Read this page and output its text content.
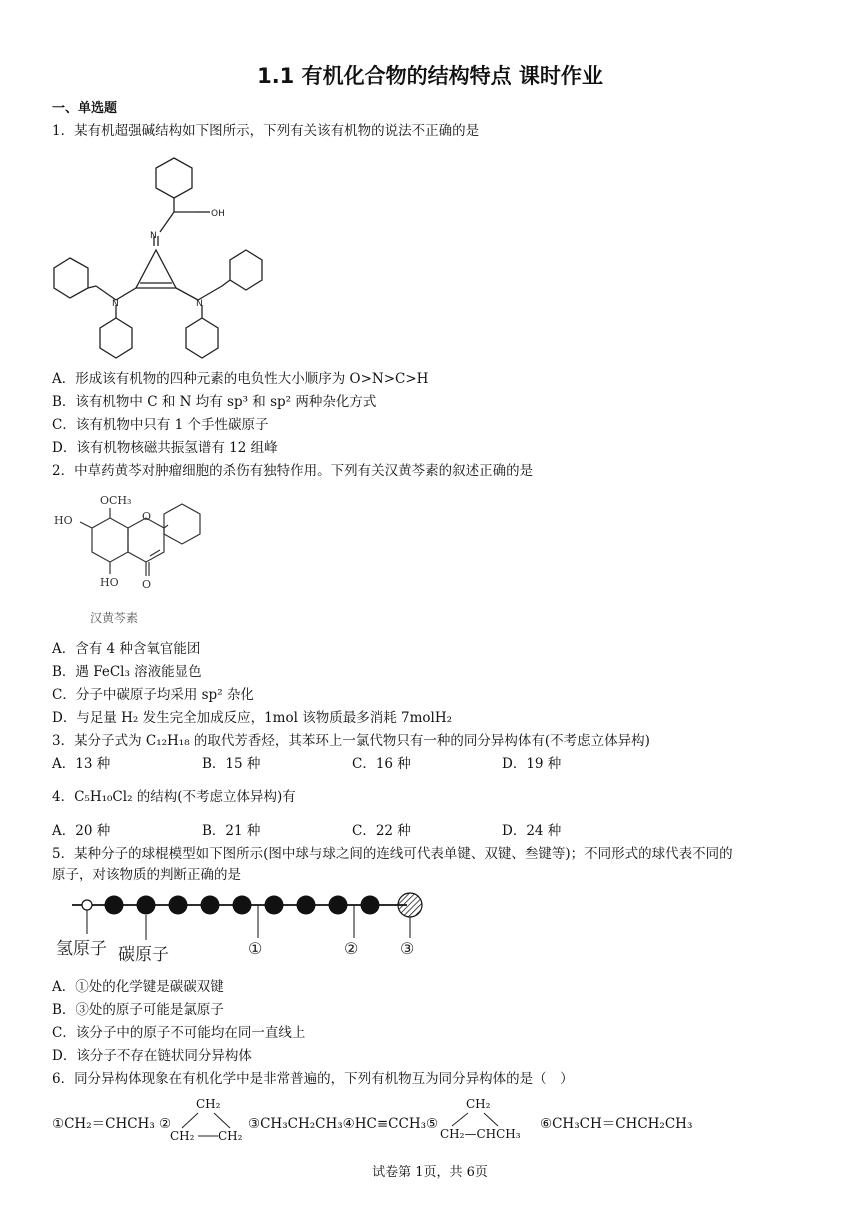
1.1 有机化合物的结构特点 课时作业
一、单选题
1．某有机超强碱结构如下图所示，下列有关该有机物的说法不正确的是
OH
N
N	N
A．形成该有机物的四种元素的电负性大小顺序为 O>N>C>H
B．该有机物中 C 和 N 均有 sp³ 和 sp² 两种杂化方式
C．该有机物中只有 1 个手性碳原子
D．该有机物核磁共振氢谱有 12 组峰
2．中草药黄芩对肿瘤细胞的杀伤有独特作用。下列有关汉黄芩素的叙述正确的是
OCH₃
HO
HO O
O
汉黄芩素
A．含有 4 种含氧官能团
B．遇 FeCl₃ 溶液能显色
C．分子中碳原子均采用 sp² 杂化
D．与足量 H₂ 发生完全加成反应，1mol 该物质最多消耗 7molH₂
3．某分子式为 C₁₂H₁₈ 的取代芳香烃，其苯环上一氯代物只有一种的同分异构体有(不考虑立体异构)
A．13 种	B．15 种	C．16 种	D．19 种
4．C₅H₁₀Cl₂ 的结构(不考虑立体异构)有
A．20 种	B．21 种	C．22 种	D．24 种
5．某种分子的球棍模型如下图所示(图中球与球之间的连线可代表单键、双键、叁键等)；不同形式的球代表不同的
原子，对该物质的判断正确的是
氢原子 碳原子	①	②	③
A．①处的化学键是碳碳双键
B．③处的原子可能是氯原子
C．该分子中的原子不可能均在同一直线上
D．该分子不存在链状同分异构体
6．同分异构体现象在有机化学中是非常普遍的，下列有机物互为同分异构体的是（　）
①CH₂＝CHCH₃ ②
CH₂
CH₂ CH₂
③CH₃CH₂CH₃④HC≡CCH₃⑤
CH₂
CH₂—CHCH₃
⑥CH₃CH＝CHCH₂CH₃
试卷第 1页，共 6页
